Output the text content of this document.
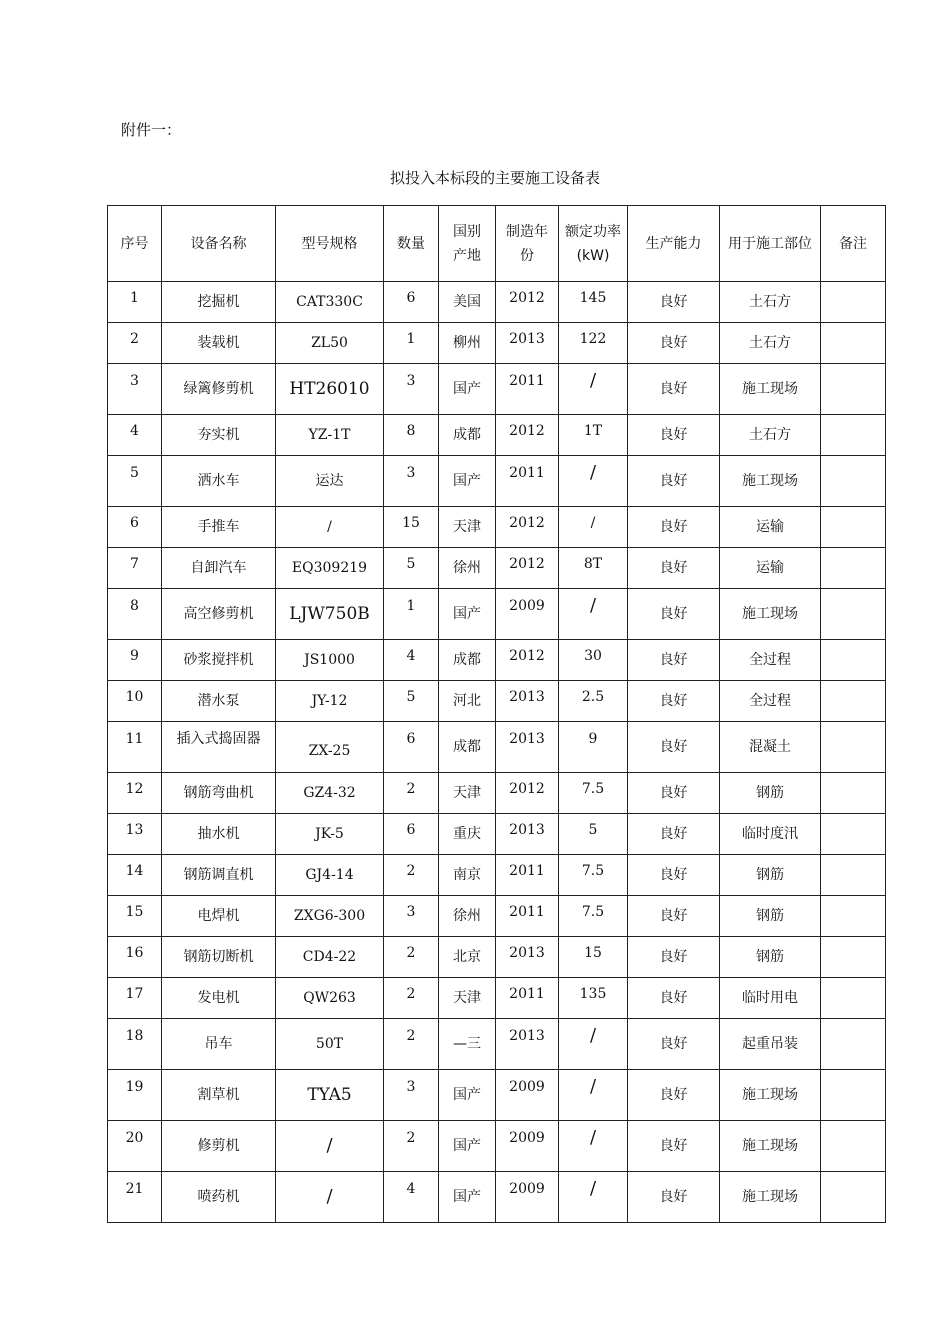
附件一：
拟投入本标段的主要施工设备表
序号	设备名称	型号规格	数量	国别产地	制造年份	额定功率(kW)	生产能力	用于施工部位	备注
1	挖掘机	CAT330C	6	美国	2012	145	良好	土石方	
2	装载机	ZL50	1	柳州	2013	122	良好	土石方	
3	绿篱修剪机	HT26010	3	国产	2011	/	良好	施工现场	
4	夯实机	YZ-1T	8	成都	2012	1T	良好	土石方	
5	洒水车	运达	3	国产	2011	/	良好	施工现场	
6	手推车	/	15	天津	2012	/	良好	运输	
7	自卸汽车	EQ309219	5	徐州	2012	8T	良好	运输	
8	高空修剪机	LJW750B	1	国产	2009	/	良好	施工现场	
9	砂浆搅拌机	JS1000	4	成都	2012	30	良好	全过程	
10	潜水泵	JY-12	5	河北	2013	2.5	良好	全过程	
11	插入式捣固器	ZX-25	6	成都	2013	9	良好	混凝土	
12	钢筋弯曲机	GZ4-32	2	天津	2012	7.5	良好	钢筋	
13	抽水机	JK-5	6	重庆	2013	5	良好	临时度汛	
14	钢筋调直机	GJ4-14	2	南京	2011	7.5	良好	钢筋	
15	电焊机	ZXG6-300	3	徐州	2011	7.5	良好	钢筋	
16	钢筋切断机	CD4-22	2	北京	2013	15	良好	钢筋	
17	发电机	QW263	2	天津	2011	135	良好	临时用电	
18	吊车	50T	2	—三	2013	/	良好	起重吊装	
19	割草机	TYA5	3	国产	2009	/	良好	施工现场	
20	修剪机	/	2	国产	2009	/	良好	施工现场	
21	喷药机	/	4	国产	2009	/	良好	施工现场	
